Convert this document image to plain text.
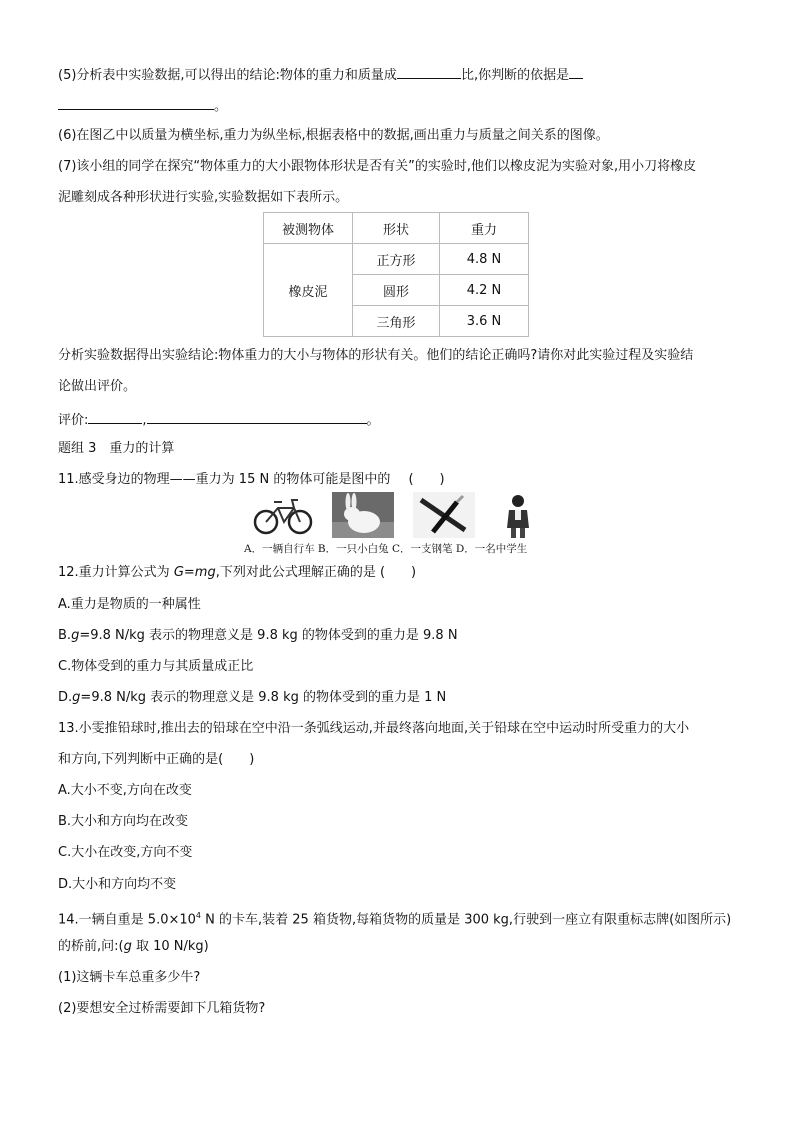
(5)分析表中实验数据,可以得出的结论:物体的重力和质量成	比,你判断的依据是
。
(6)在图乙中以质量为横坐标,重力为纵坐标,根据表格中的数据,画出重力与质量之间关系的图像。
(7)该小组的同学在探究“物体重力的大小跟物体形状是否有关”的实验时,他们以橡皮泥为实验对象,用小刀将橡皮
泥雕刻成各种形状进行实验,实验数据如下表所示。
被测物体	形状	重力
橡皮泥	正方形	4.8 N
	圆形	4.2 N
	三角形	3.6 N
分析实验数据得出实验结论:物体重力的大小与物体的形状有关。他们的结论正确吗?请你对此实验过程及实验结
论做出评价。
评价:	,	。
题组 3　重力的计算
11.感受身边的物理——重力为 15 N 的物体可能是图中的 (　　)
A．一辆自行车 B．一只小白兔 C．一支钢笔 D．一名中学生
12.重力计算公式为 G=mg,下列对此公式理解正确的是 (　　)
A.重力是物质的一种属性
B.g=9.8 N/kg 表示的物理意义是 9.8 kg 的物体受到的重力是 9.8 N
C.物体受到的重力与其质量成正比
D.g=9.8 N/kg 表示的物理意义是 9.8 kg 的物体受到的重力是 1 N
13.小雯推铅球时,推出去的铅球在空中沿一条弧线运动,并最终落向地面,关于铅球在空中运动时所受重力的大小
和方向,下列判断中正确的是(　　)
A.大小不变,方向在改变
B.大小和方向均在改变
C.大小在改变,方向不变
D.大小和方向均不变
14.一辆自重是 $5.0\times 10^4$ N 的卡车,装着 25 箱货物,每箱货物的质量是 300 kg,行驶到一座立有限重标志牌(如图所示)
的桥前,问:(g 取 10 N/kg)
(1)这辆卡车总重多少牛?
(2)要想安全过桥需要卸下几箱货物?
